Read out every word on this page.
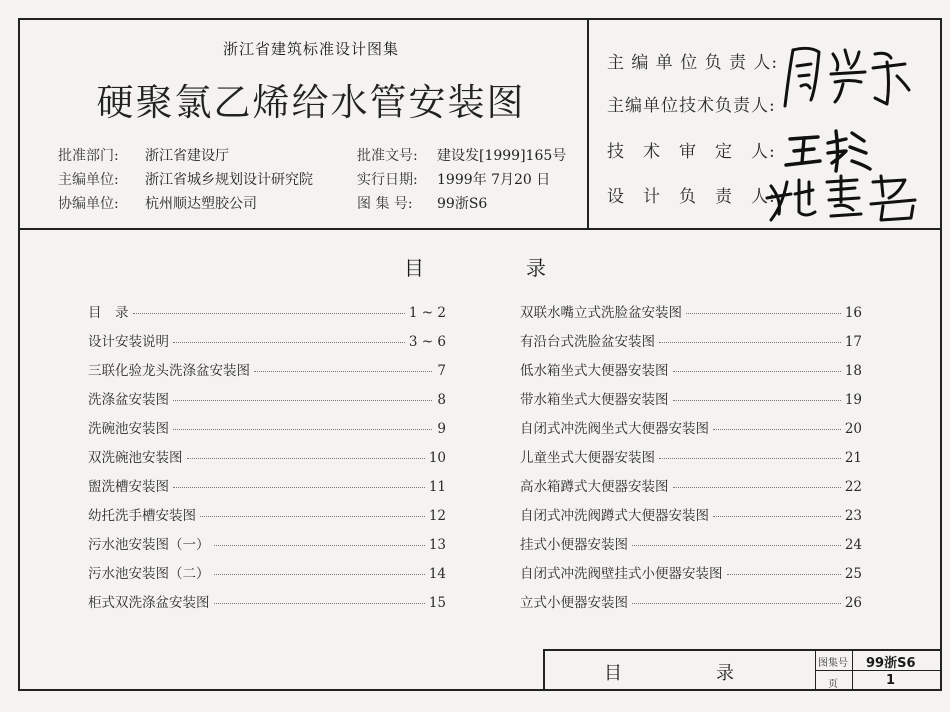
浙江省建筑标准设计图集
硬聚氯乙烯给水管安装图
批准部门: 浙江省建设厅
主编单位: 浙江省城乡规划设计研究院
协编单位: 杭州顺达塑胶公司
批准文号: 建设发[1999]165号
实行日期: 1999年 7月20 日
图 集 号: 99浙S6
主 编 单 位 负 责 人:
主编单位技术负责人:
技　术　审　定　人:
设　计　负　责　人:
目	录
目　录	1 ~ 2
设计安装说明	3 ~ 6
三联化验龙头洗涤盆安装图	7
洗涤盆安装图	8
洗碗池安装图	9
双洗碗池安装图	10
盥洗槽安装图	11
幼托洗手槽安装图	12
污水池安装图（一）	13
污水池安装图（二）	14
柜式双洗涤盆安装图	15
双联水嘴立式洗脸盆安装图	16
有沿台式洗脸盆安装图	17
低水箱坐式大便器安装图	18
带水箱坐式大便器安装图	19
自闭式冲洗阀坐式大便器安装图	20
儿童坐式大便器安装图	21
高水箱蹲式大便器安装图	22
自闭式冲洗阀蹲式大便器安装图	23
挂式小便器安装图	24
自闭式冲洗阀壁挂式小便器安装图	25
立式小便器安装图	26
目	录	图集号 99浙S6
页	1
